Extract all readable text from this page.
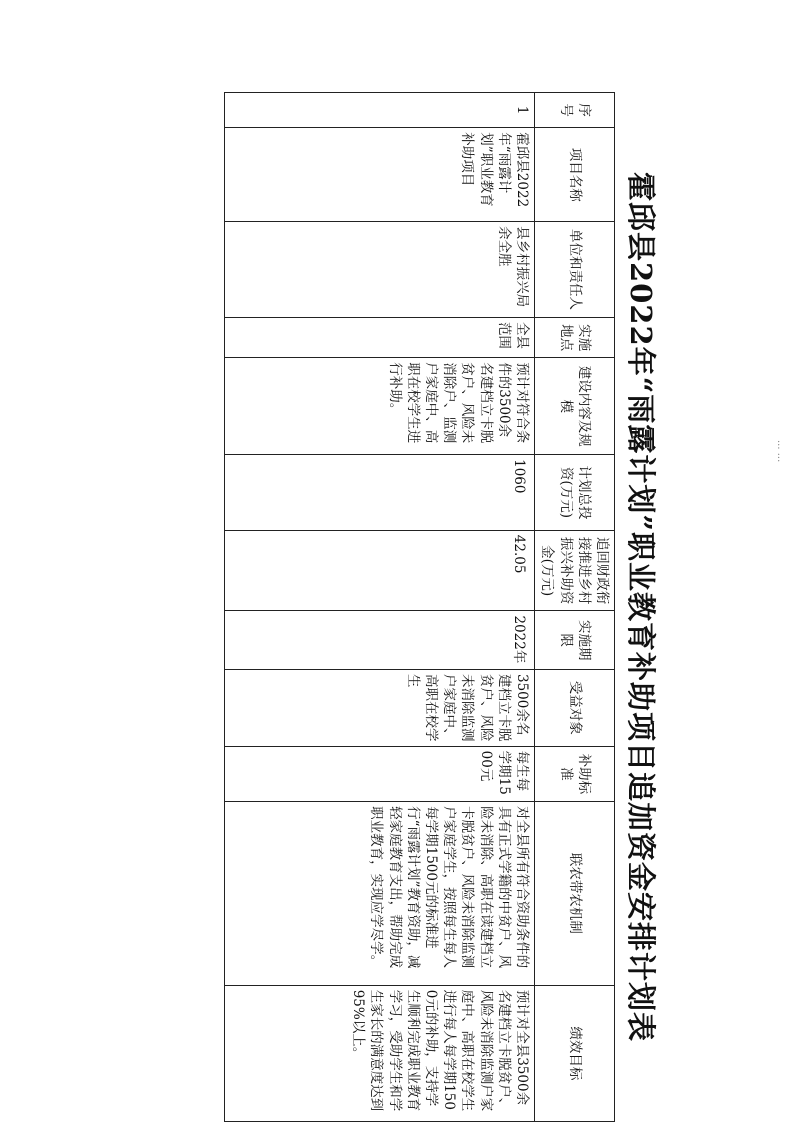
霍邱县2022年“雨露计划”职业教育补助项目追加资金安排计划表
序号	项目名称	单位和责任人	实施地点	建设内容及规模	计划总投资(万元)	追回财政衔接推进乡村振兴补助资金(万元)	实施期限	受益对象	补助标准	联农带农机制	绩效目标
1	霍邱县2022年“雨露计划”职业教育补助项目	县乡村振兴局余全胜	全县范围	预计对符合条件的3500余名建档立卡脱贫户、风险未消除户、监测户家庭中、高职在校学生进行补助。	1060	42.05	2022年	3500余名建档立卡脱贫户、风险未消除监测户家庭中、高职在校学生	每生每学期1500元	对全县所有符合资助条件的具有正式学籍的中贫户、风险未消除、高职在读建档立卡脱贫户、风险未消除监测户家庭学生，按照每生每人每学期1500元的标准进行“雨露计划”教育资助，减轻家庭教育支出，帮助完成职业教育，实现应学尽学。	预计对全县3500余名建档立卡脱贫户、风险未消除监测户家庭中、高职在校学生进行每人每学期1500元的补助，支持学生顺利完成职业教育学习，受助学生和学生家长的满意度达到95%以上。
··· ···
